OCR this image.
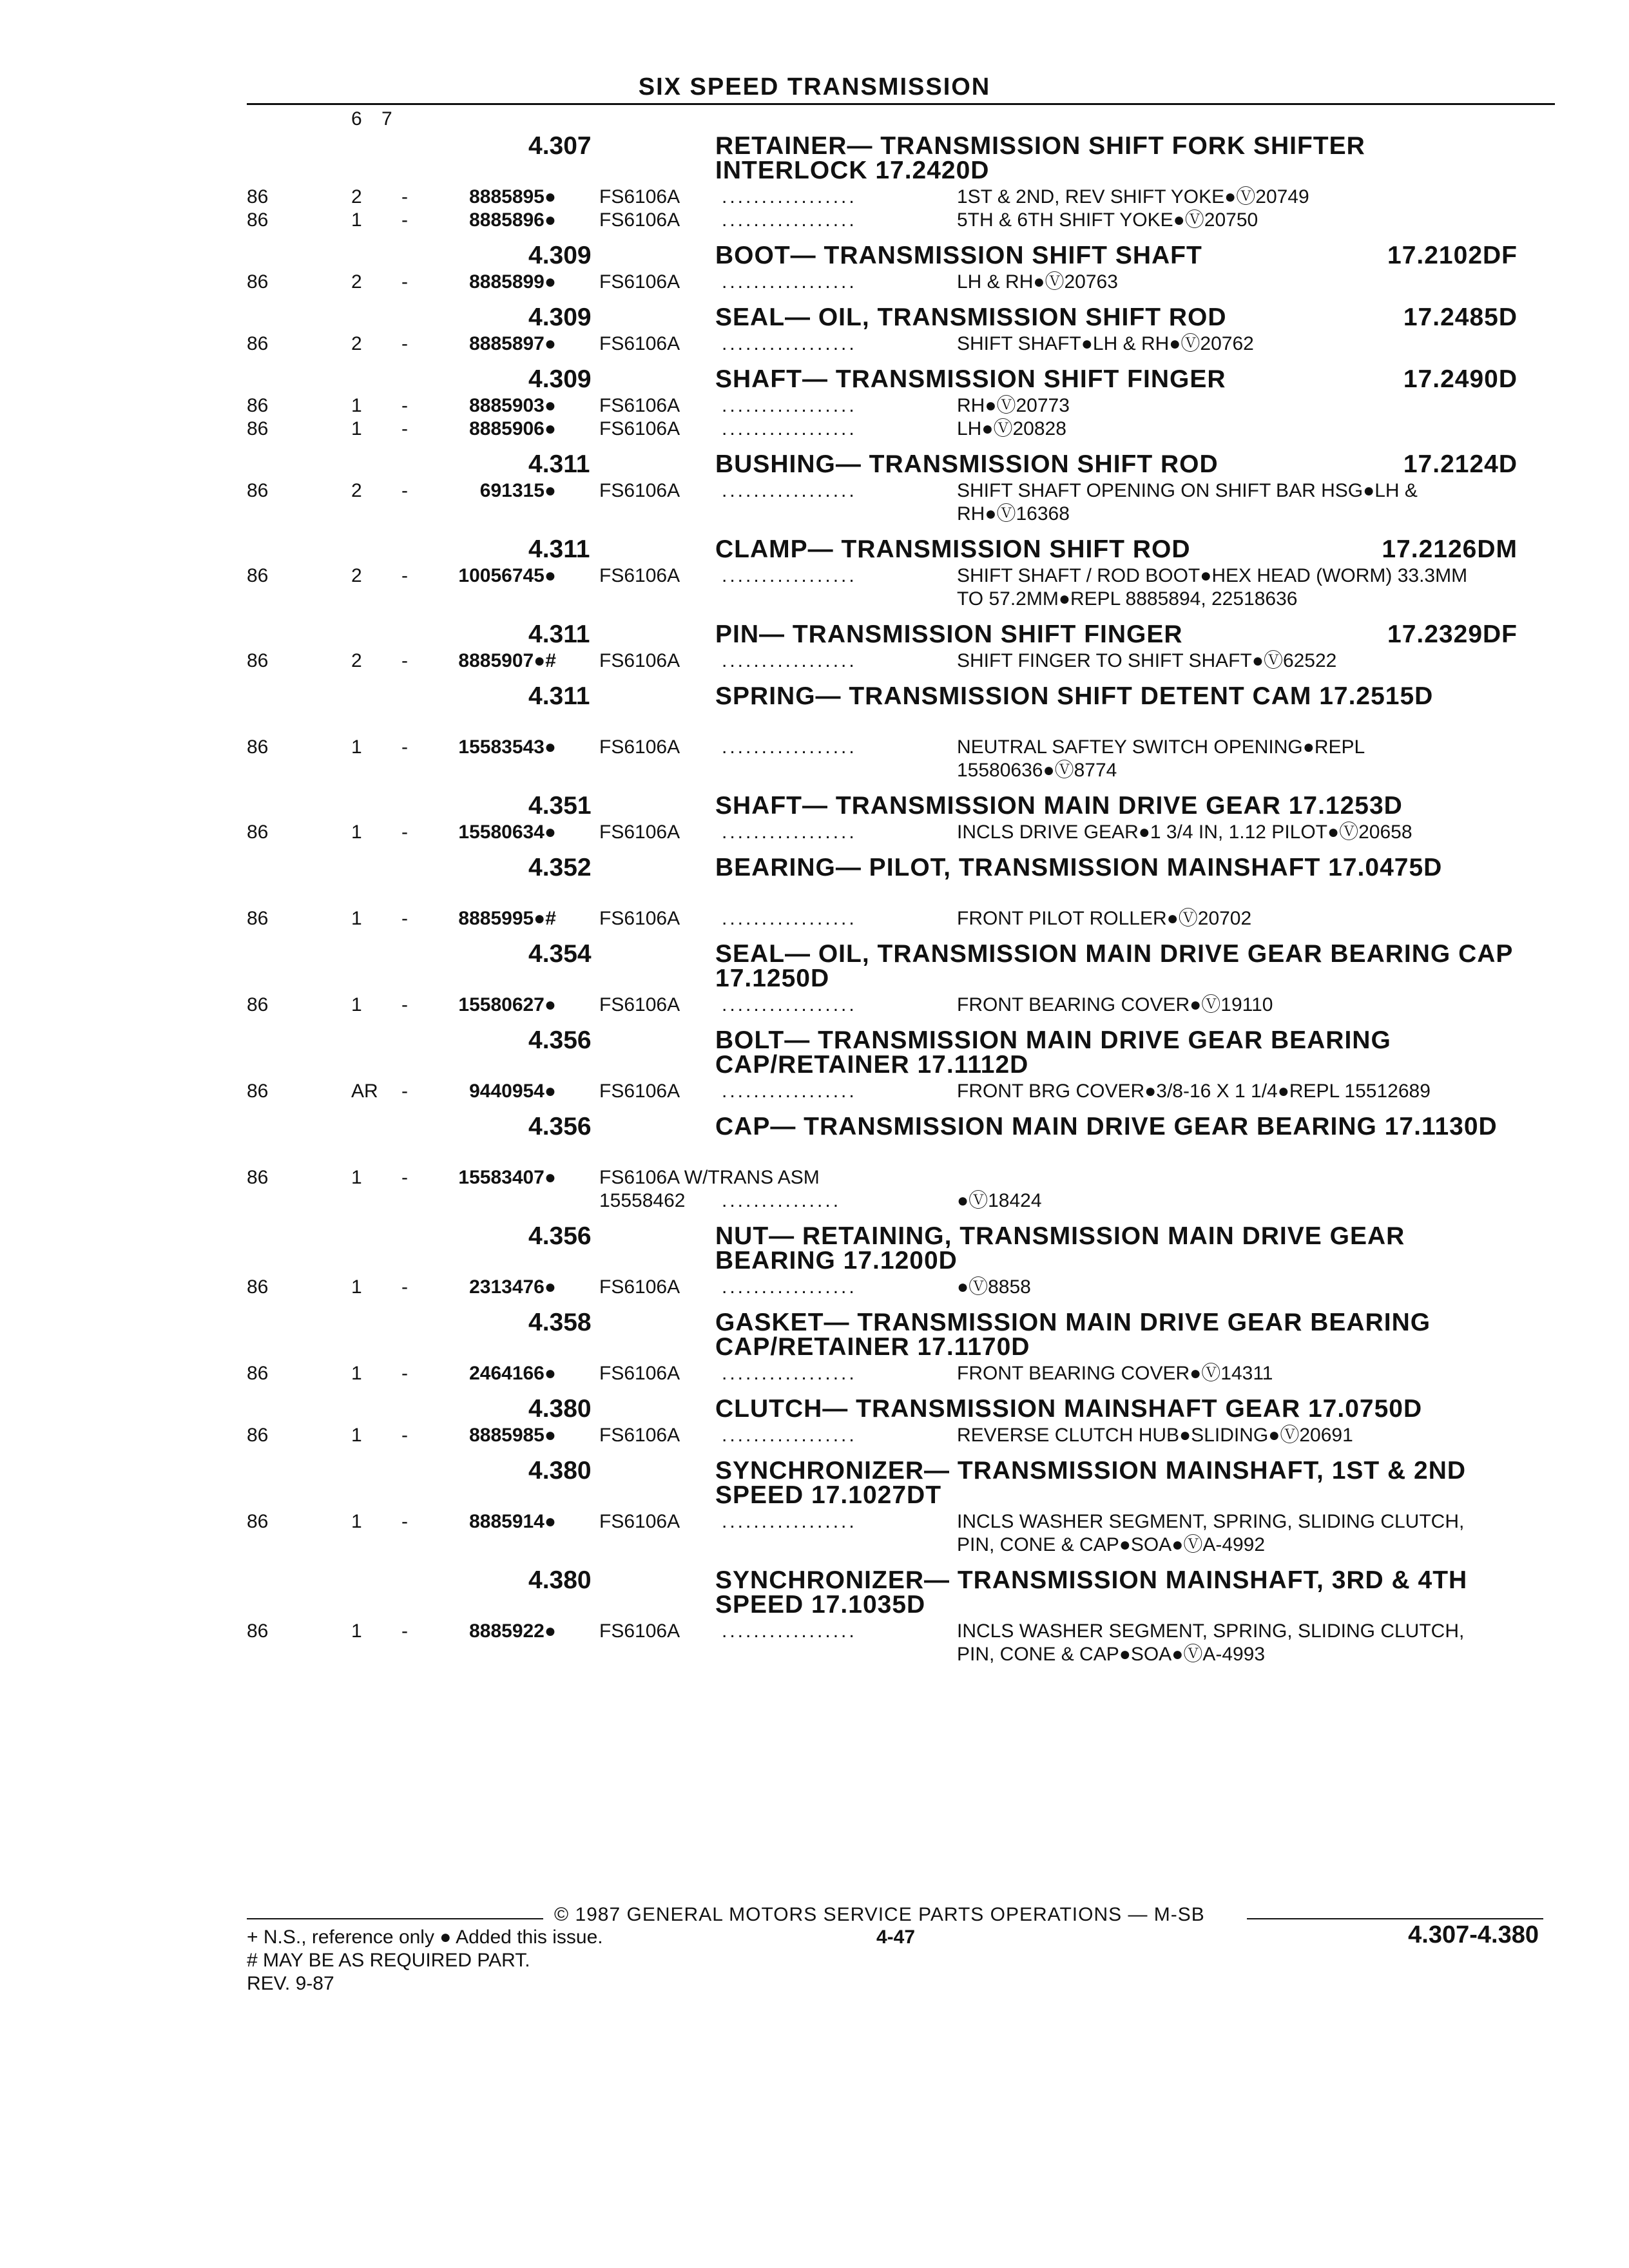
SIX SPEED TRANSMISSION
6 7
4.307	RETAINER— TRANSMISSION SHIFT FORK SHIFTER INTERLOCK 17.2420D
86	2 -	8885895● FS6106A .................	1ST & 2ND, REV SHIFT YOKE●Ⓥ20749
86	1 -	8885896● FS6106A .................	5TH & 6TH SHIFT YOKE●Ⓥ20750
4.309	BOOT— TRANSMISSION SHIFT SHAFT	17.2102DF
86	2 -	8885899● FS6106A .................	LH & RH●Ⓥ20763
4.309	SEAL— OIL, TRANSMISSION SHIFT ROD	17.2485D
86	2 -	8885897● FS6106A .................	SHIFT SHAFT●LH & RH●Ⓥ20762
4.309	SHAFT— TRANSMISSION SHIFT FINGER	17.2490D
86	1 -	8885903● FS6106A .................	RH●Ⓥ20773
86	1 -	8885906● FS6106A .................	LH●Ⓥ20828
4.311	BUSHING— TRANSMISSION SHIFT ROD	17.2124D
86	2 -	691315● FS6106A .................	SHIFT SHAFT OPENING ON SHIFT BAR HSG●LH & RH●Ⓥ16368
4.311	CLAMP— TRANSMISSION SHIFT ROD	17.2126DM
86	2 -	10056745● FS6106A .................	SHIFT SHAFT / ROD BOOT●HEX HEAD (WORM) 33.3MM TO 57.2MM●REPL 8885894, 22518636
4.311	PIN— TRANSMISSION SHIFT FINGER	17.2329DF
86	2 -	8885907●# FS6106A .................	SHIFT FINGER TO SHIFT SHAFT●Ⓥ62522
4.311	SPRING— TRANSMISSION SHIFT DETENT CAM 17.2515D
86	1 -	15583543● FS6106A .................	NEUTRAL SAFTEY SWITCH OPENING●REPL 15580636●Ⓥ8774
4.351	SHAFT— TRANSMISSION MAIN DRIVE GEAR 17.1253D
86	1 -	15580634● FS6106A .................	INCLS DRIVE GEAR●1 3/4 IN, 1.12 PILOT●Ⓥ20658
4.352	BEARING— PILOT, TRANSMISSION MAINSHAFT 17.0475D
86	1 -	8885995●# FS6106A .................	FRONT PILOT ROLLER●Ⓥ20702
4.354	SEAL— OIL, TRANSMISSION MAIN DRIVE GEAR BEARING CAP 17.1250D
86	1 -	15580627● FS6106A .................	FRONT BEARING COVER●Ⓥ19110
4.356	BOLT— TRANSMISSION MAIN DRIVE GEAR BEARING CAP/RETAINER 17.1112D
86	AR -	9440954● FS6106A .................	FRONT BRG COVER●3/8-16 X 1 1/4●REPL 15512689
4.356	CAP— TRANSMISSION MAIN DRIVE GEAR BEARING 17.1130D
86	1 -	15583407● FS6106A W/TRANS ASM
15558462 ...............	●Ⓥ18424
4.356	NUT— RETAINING, TRANSMISSION MAIN DRIVE GEAR BEARING 17.1200D
86	1 -	2313476● FS6106A .................	●Ⓥ8858
4.358	GASKET— TRANSMISSION MAIN DRIVE GEAR BEARING CAP/RETAINER 17.1170D
86	1 -	2464166● FS6106A .................	FRONT BEARING COVER●Ⓥ14311
4.380	CLUTCH— TRANSMISSION MAINSHAFT GEAR 17.0750D
86	1 -	8885985● FS6106A .................	REVERSE CLUTCH HUB●SLIDING●Ⓥ20691
4.380	SYNCHRONIZER— TRANSMISSION MAINSHAFT, 1ST & 2ND SPEED 17.1027DT
86	1 -	8885914● FS6106A .................	INCLS WASHER SEGMENT, SPRING, SLIDING CLUTCH, PIN, CONE & CAP●SOA●ⓋA-4992
4.380	SYNCHRONIZER— TRANSMISSION MAINSHAFT, 3RD & 4TH SPEED 17.1035D
86	1 -	8885922● FS6106A .................	INCLS WASHER SEGMENT, SPRING, SLIDING CLUTCH, PIN, CONE & CAP●SOA●ⓋA-4993
© 1987 GENERAL MOTORS SERVICE PARTS OPERATIONS — M-SB
+ N.S., reference only ● Added this issue.	4-47	4.307-4.380
# MAY BE AS REQUIRED PART.
REV. 9-87
